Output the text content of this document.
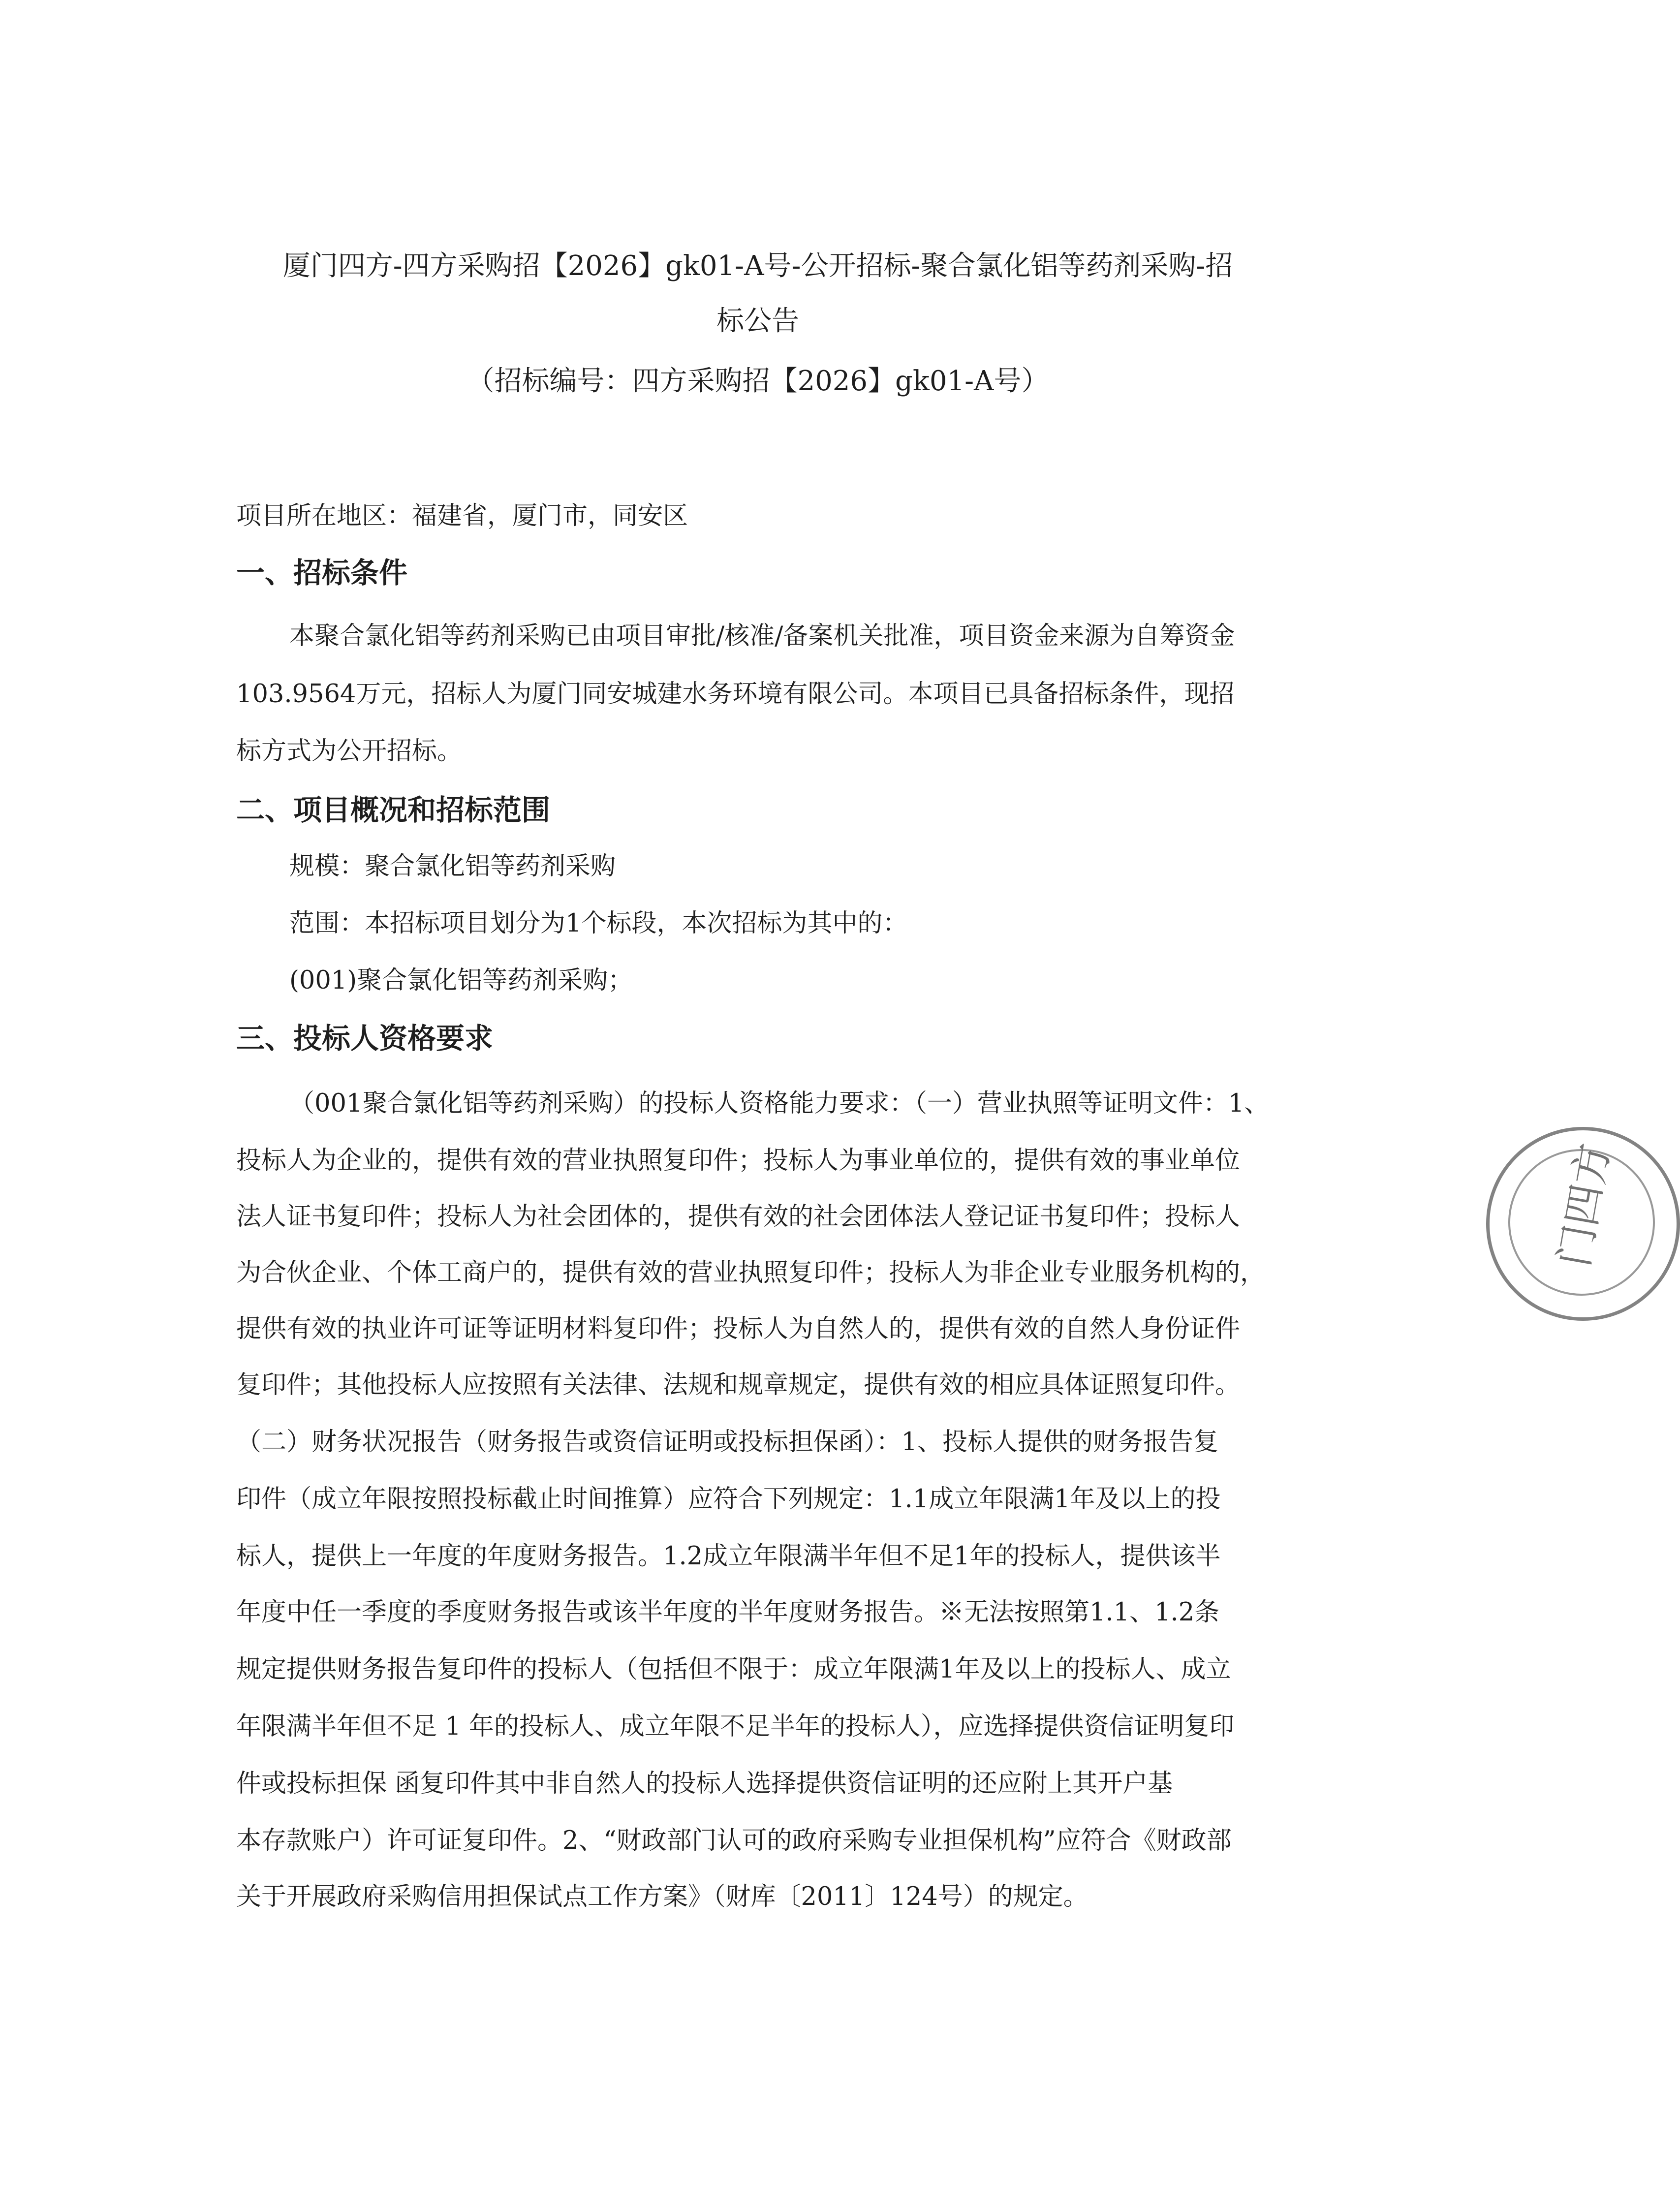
厦门四方-四方采购招【2026】gk01-A号-公开招标-聚合氯化铝等药剂采购-招
标公告
（招标编号：四方采购招【2026】gk01-A号）
项目所在地区：福建省，厦门市，同安区
一、招标条件
本聚合氯化铝等药剂采购已由项目审批/核准/备案机关批准，项目资金来源为自筹资金
103.9564万元，招标人为厦门同安城建水务环境有限公司。本项目已具备招标条件，现招
标方式为公开招标。
二、项目概况和招标范围
规模：聚合氯化铝等药剂采购
范围：本招标项目划分为1个标段，本次招标为其中的：
(001)聚合氯化铝等药剂采购；
三、投标人资格要求
（001聚合氯化铝等药剂采购）的投标人资格能力要求：（一）营业执照等证明文件：1、
投标人为企业的，提供有效的营业执照复印件；投标人为事业单位的，提供有效的事业单位
法人证书复印件；投标人为社会团体的，提供有效的社会团体法人登记证书复印件；投标人
为合伙企业、个体工商户的，提供有效的营业执照复印件；投标人为非企业专业服务机构的，
提供有效的执业许可证等证明材料复印件；投标人为自然人的，提供有效的自然人身份证件
复印件；其他投标人应按照有关法律、法规和规章规定，提供有效的相应具体证照复印件。
（二）财务状况报告（财务报告或资信证明或投标担保函）：1、投标人提供的财务报告复
印件（成立年限按照投标截止时间推算）应符合下列规定：1.1成立年限满1年及以上的投
标人，提供上一年度的年度财务报告。1.2成立年限满半年但不足1年的投标人，提供该半
年度中任一季度的季度财务报告或该半年度的半年度财务报告。※无法按照第1.1、1.2条
规定提供财务报告复印件的投标人（包括但不限于：成立年限满1年及以上的投标人、成立
年限满半年但不足 1 年的投标人、成立年限不足半年的投标人），应选择提供资信证明复印
件或投标担保 函复印件其中非自然人的投标人选择提供资信证明的还应附上其开户基
本存款账户）许可证复印件。2、“财政部门认可的政府采购专业担保机构”应符合《财政部
关于开展政府采购信用担保试点工作方案》（财库〔2011〕124号）的规定。
门四方
